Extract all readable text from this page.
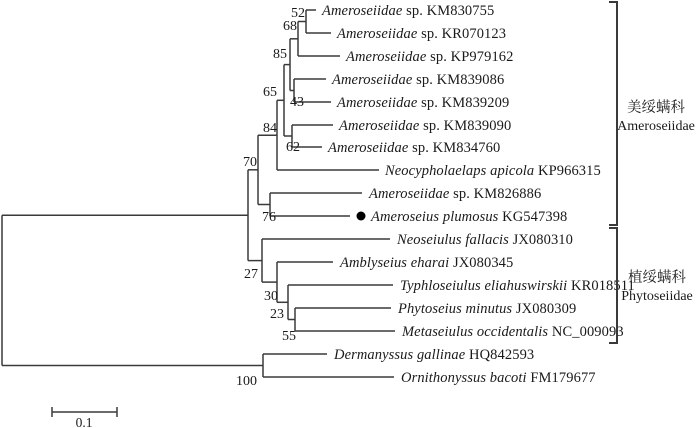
Ameroseiidae sp. KM830755
Ameroseiidae sp. KR070123
Ameroseiidae sp. KP979162
Ameroseiidae sp. KM839086
Ameroseiidae sp. KM839209
Ameroseiidae sp. KM839090
Ameroseiidae sp. KM834760
Neocypholaelaps apicola KP966315
Ameroseiidae sp. KM826886
Ameroseius plumosus KG547398
Neoseiulus fallacis JX080310
Amblyseius eharai JX080345
Typhloseiulus eliahuswirskii KR018511
Phytoseius minutus JX080309
Metaseiulus occidentalis NC_009093
Dermanyssus gallinae HQ842593
Ornithonyssus bacoti FM179677
52
68
85
65
43
84
62
70
76
27
30
23
55
100
美绥螨科
Ameroseiidae
植绥螨科
Phytoseiidae
0.1
